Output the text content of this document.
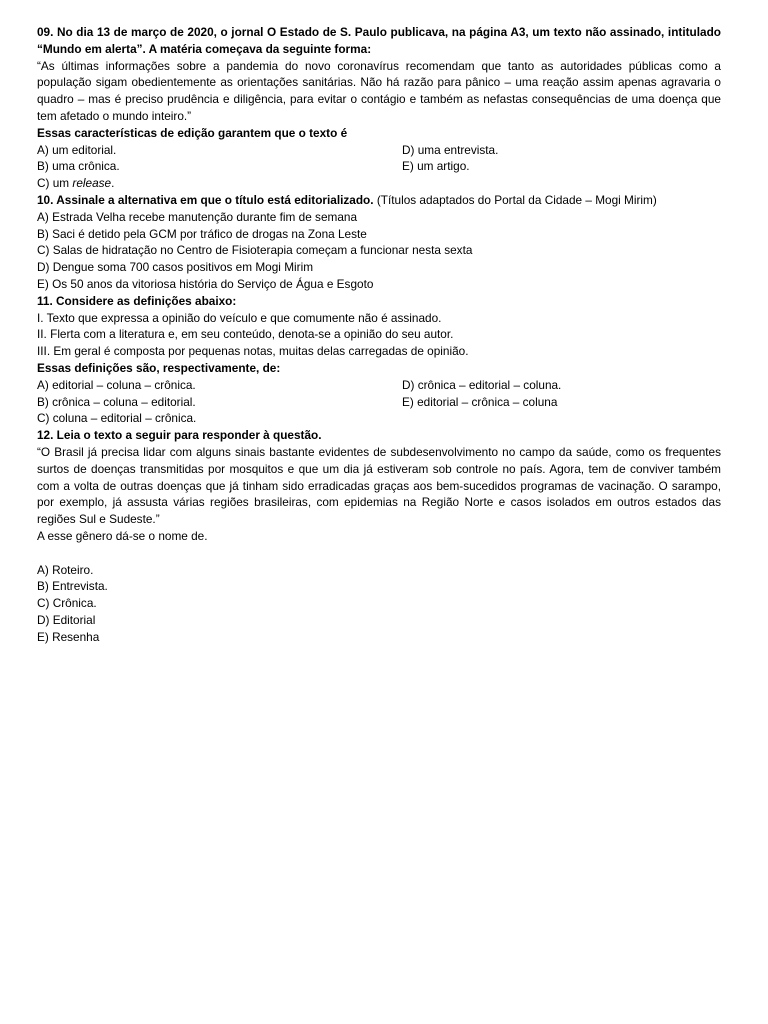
09. No dia 13 de março de 2020, o jornal O Estado de S. Paulo publicava, na página A3, um texto não assinado, intitulado “Mundo em alerta”. A matéria começava da seguinte forma:

“As últimas informações sobre a pandemia do novo coronavírus recomendam que tanto as autoridades públicas como a população sigam obedientemente as orientações sanitárias. Não há razão para pânico – uma reação assim apenas agravaria o quadro – mas é preciso prudência e diligência, para evitar o contágio e também as nefastas consequências de uma doença que tem afetado o mundo inteiro.”

Essas características de edição garantem que o texto é

A) um editorial.	D) uma entrevista.
B) uma crônica.	E) um artigo.
C) um release.

10. Assinale a alternativa em que o título está editorializado. (Títulos adaptados do Portal da Cidade – Mogi Mirim)

A) Estrada Velha recebe manutenção durante fim de semana
B) Saci é detido pela GCM por tráfico de drogas na Zona Leste
C) Salas de hidratação no Centro de Fisioterapia começam a funcionar nesta sexta
D) Dengue soma 700 casos positivos em Mogi Mirim
E) Os 50 anos da vitoriosa história do Serviço de Água e Esgoto

11. Considere as definições abaixo:

I. Texto que expressa a opinião do veículo e que comumente não é assinado.
II. Flerta com a literatura e, em seu conteúdo, denota-se a opinião do seu autor.
III. Em geral é composta por pequenas notas, muitas delas carregadas de opinião.

Essas definições são, respectivamente, de:

A) editorial – coluna – crônica.	D) crônica – editorial – coluna.
B) crônica – coluna – editorial.	E) editorial – crônica – coluna
C) coluna – editorial – crônica.

12. Leia o texto a seguir para responder à questão.

“O Brasil já precisa lidar com alguns sinais bastante evidentes de subdesenvolvimento no campo da saúde, como os frequentes surtos de doenças transmitidas por mosquitos e que um dia já estiveram sob controle no país. Agora, tem de conviver também com a volta de outras doenças que já tinham sido erradicadas graças aos bem-sucedidos programas de vacinação. O sarampo, por exemplo, já assusta várias regiões brasileiras, com epidemias na Região Norte e casos isolados em outros estados das regiões Sul e Sudeste.”

A esse gênero dá-se o nome de.

A) Roteiro.
B) Entrevista.
C) Crônica.
D) Editorial
E) Resenha
